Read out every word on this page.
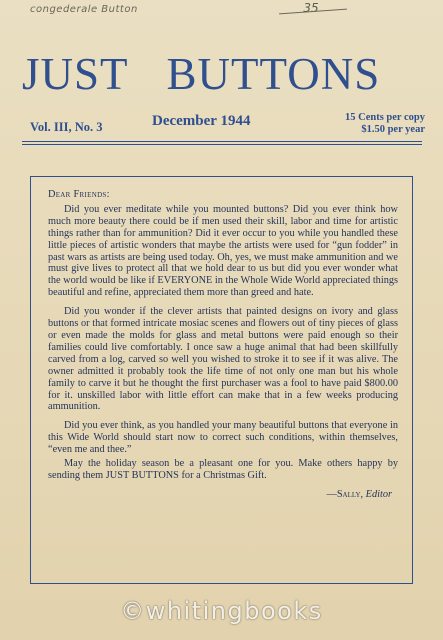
congederale Button	35
JUST BUTTONS
Vol. III, No. 3	December 1944	15 Cents per copy
$1.50 per year
Dear Friends:

Did you ever meditate while you mounted buttons? Did you ever think how much more beauty there could be if men used their skill, labor and time for artistic things rather than for ammunition? Did it ever occur to you while you handled these little pieces of artistic wonders that maybe the artists were used for “gun fodder” in past wars as artists are being used today. Oh, yes, we must make ammunition and we must give lives to protect all that we hold dear to us but did you ever wonder what the world would be like if EVERYONE in the Whole Wide World appreciated things beautiful and refine, appreciated them more than greed and hate.

Did you wonder if the clever artists that painted designs on ivory and glass buttons or that formed intricate mosiac scenes and flowers out of tiny pieces of glass or even made the molds for glass and metal buttons were paid enough so their families could live comfortably. I once saw a huge animal that had been skillfully carved from a log, carved so well you wished to stroke it to see if it was alive. The owner admitted it probably took the life time of not only one man but his whole family to carve it but he thought the first purchaser was a fool to have paid $800.00 for it. unskilled labor with little effort can make that in a few weeks producing ammunition.

Did you ever think, as you handled your many beautiful buttons that everyone in this Wide World should start now to correct such conditions, within themselves, “even me and thee.”

May the holiday season be a pleasant one for you. Make others happy by sending them JUST BUTTONS for a Christmas Gift.

—Sally, Editor
©whitingbooks
